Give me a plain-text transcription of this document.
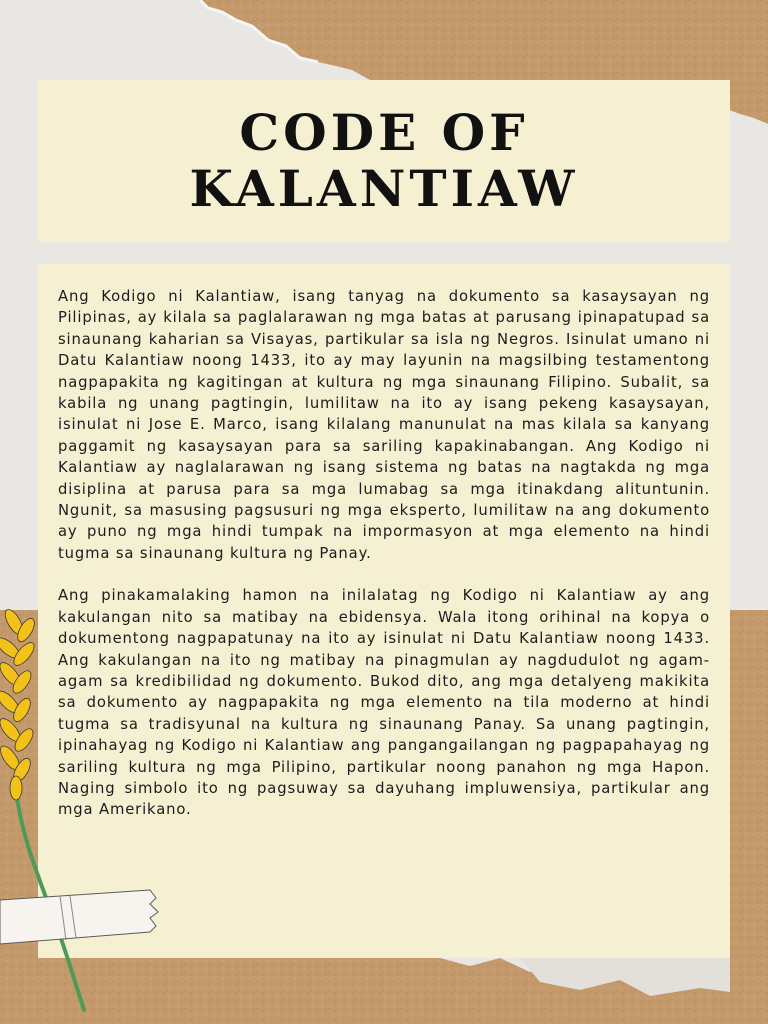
CODE OF
KALANTIAW

Ang Kodigo ni Kalantiaw, isang tanyag na dokumento sa kasaysayan ng Pilipinas, ay kilala sa paglalarawan ng mga batas at parusang ipinapatupad sa sinaunang kaharian sa Visayas, partikular sa isla ng Negros. Isinulat umano ni Datu Kalantiaw noong 1433, ito ay may layunin na magsilbing testamentong nagpapakita ng kagitingan at kultura ng mga sinaunang Filipino. Subalit, sa kabila ng unang pagtingin, lumilitaw na ito ay isang pekeng kasaysayan, isinulat ni Jose E. Marco, isang kilalang manunulat na mas kilala sa kanyang paggamit ng kasaysayan para sa sariling kapakinabangan. Ang Kodigo ni Kalantiaw ay naglalarawan ng isang sistema ng batas na nagtakda ng mga disiplina at parusa para sa mga lumabag sa mga itinakdang alituntunin. Ngunit, sa masusing pagsusuri ng mga eksperto, lumilitaw na ang dokumento ay puno ng mga hindi tumpak na impormasyon at mga elemento na hindi tugma sa sinaunang kultura ng Panay.

Ang pinakamalaking hamon na inilalatag ng Kodigo ni Kalantiaw ay ang kakulangan nito sa matibay na ebidensya. Wala itong orihinal na kopya o dokumentong nagpapatunay na ito ay isinulat ni Datu Kalantiaw noong 1433. Ang kakulangan na ito ng matibay na pinagmulan ay nagdudulot ng agam-agam sa kredibilidad ng dokumento. Bukod dito, ang mga detalyeng makikita sa dokumento ay nagpapakita ng mga elemento na tila moderno at hindi tugma sa tradisyunal na kultura ng sinaunang Panay. Sa unang pagtingin, ipinahayag ng Kodigo ni Kalantiaw ang pangangailangan ng pagpapahayag ng sariling kultura ng mga Pilipino, partikular noong panahon ng mga Hapon. Naging simbolo ito ng pagsuway sa dayuhang impluwensiya, partikular ang mga Amerikano.
